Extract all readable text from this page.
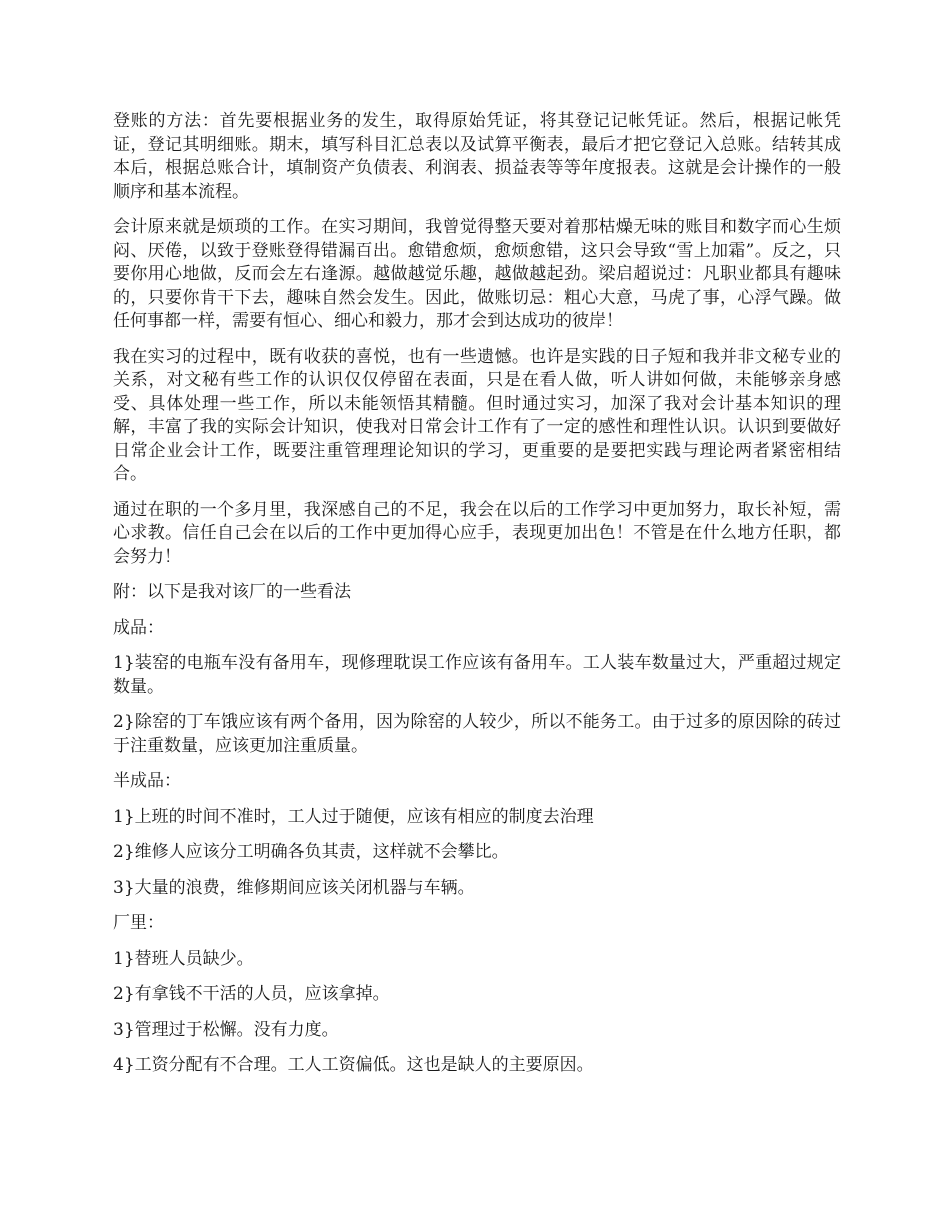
登账的方法：首先要根据业务的发生，取得原始凭证，将其登记记帐凭证。然后，根据记帐凭证，登记其明细账。期末，填写科目汇总表以及试算平衡表，最后才把它登记入总账。结转其成本后，根据总账合计，填制资产负债表、利润表、损益表等等年度报表。这就是会计操作的一般顺序和基本流程。

会计原来就是烦琐的工作。在实习期间，我曾觉得整天要对着那枯燥无味的账目和数字而心生烦闷、厌倦，以致于登账登得错漏百出。愈错愈烦，愈烦愈错，这只会导致“雪上加霜”。反之，只要你用心地做，反而会左右逢源。越做越觉乐趣，越做越起劲。梁启超说过：凡职业都具有趣味的，只要你肯干下去，趣味自然会发生。因此，做账切忌：粗心大意，马虎了事，心浮气躁。做任何事都一样，需要有恒心、细心和毅力，那才会到达成功的彼岸！

我在实习的过程中，既有收获的喜悦，也有一些遗憾。也许是实践的日子短和我并非文秘专业的关系，对文秘有些工作的认识仅仅停留在表面，只是在看人做，听人讲如何做，未能够亲身感受、具体处理一些工作，所以未能领悟其精髓。但时通过实习，加深了我对会计基本知识的理解，丰富了我的实际会计知识，使我对日常会计工作有了一定的感性和理性认识。认识到要做好日常企业会计工作，既要注重管理理论知识的学习，更重要的是要把实践与理论两者紧密相结合。

通过在职的一个多月里，我深感自己的不足，我会在以后的工作学习中更加努力，取长补短，需心求教。信任自己会在以后的工作中更加得心应手，表现更加出色！不管是在什么地方任职，都会努力！

附：以下是我对该厂的一些看法

成品：

1}装窑的电瓶车没有备用车，现修理耽误工作应该有备用车。工人装车数量过大，严重超过规定数量。

2}除窑的丁车饿应该有两个备用，因为除窑的人较少，所以不能务工。由于过多的原因除的砖过于注重数量，应该更加注重质量。

半成品：

1}上班的时间不准时，工人过于随便，应该有相应的制度去治理

2}维修人应该分工明确各负其责，这样就不会攀比。

3}大量的浪费，维修期间应该关闭机器与车辆。

厂里：

1}替班人员缺少。

2}有拿钱不干活的人员，应该拿掉。

3}管理过于松懈。没有力度。

4}工资分配有不合理。工人工资偏低。这也是缺人的主要原因。
